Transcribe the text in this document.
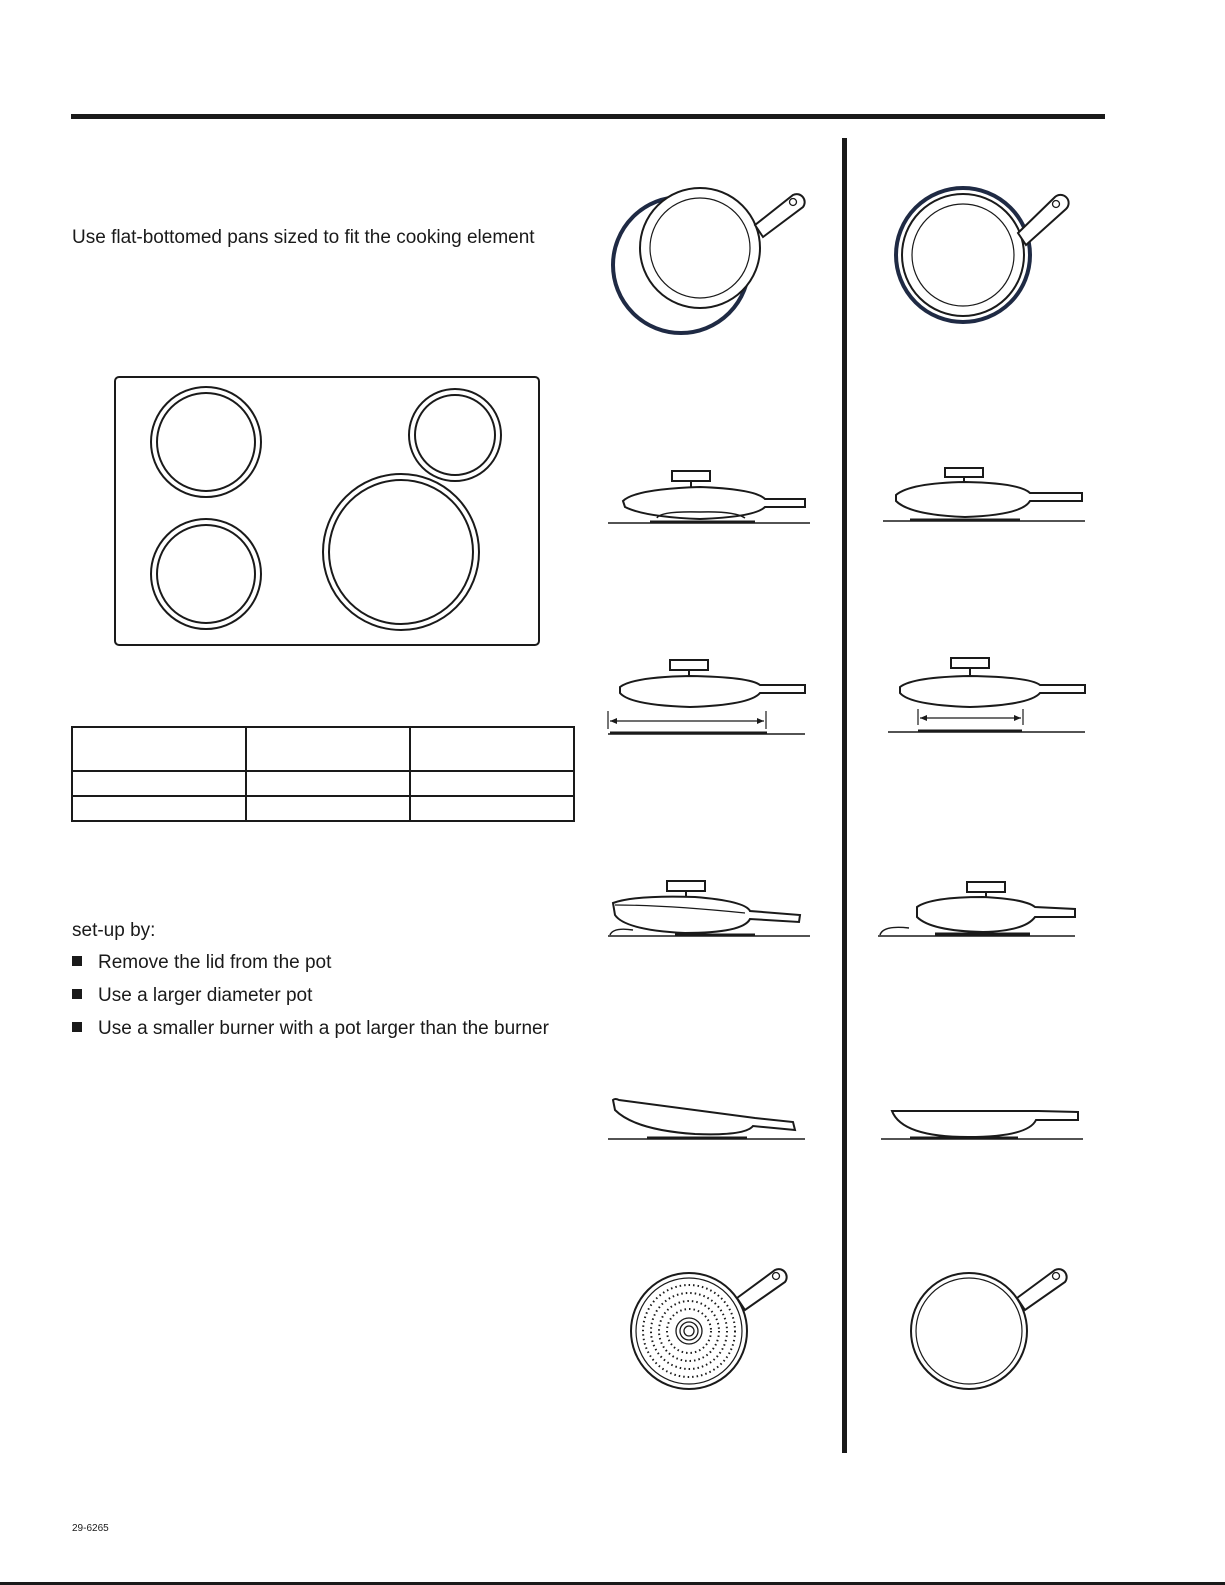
Use flat-bottomed pans sized to fit the cooking element

set-up by:

Remove the lid from the pot
Use a larger diameter pot
Use a smaller burner with a pot larger than the burner
29-6265
